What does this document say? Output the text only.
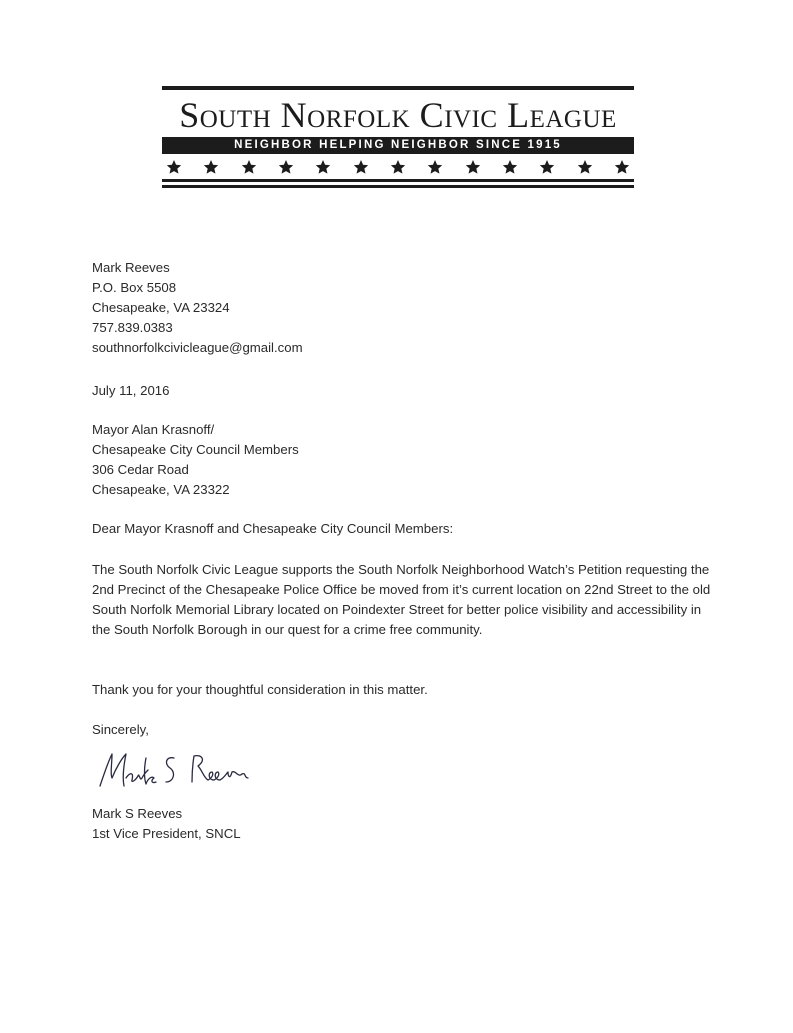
South Norfolk Civic League
NEIGHBOR HELPING NEIGHBOR SINCE 1915
Mark Reeves
P.O. Box 5508
Chesapeake, VA 23324
757.839.0383
southnorfolkcivicleague@gmail.com
July 11, 2016
Mayor Alan Krasnoff/
Chesapeake City Council Members
306 Cedar Road
Chesapeake, VA 23322
Dear Mayor Krasnoff and Chesapeake City Council Members:
The South Norfolk Civic League supports the South Norfolk Neighborhood Watch’s Petition requesting the 2nd Precinct of the Chesapeake Police Office be moved from it’s current location on 22nd Street to the old South Norfolk Memorial Library located on Poindexter Street for better police visibility and accessibility in the South Norfolk Borough in our quest for a crime free community.
Thank you for your thoughtful consideration in this matter.
Sincerely,
Mark S Reeves
1st Vice President, SNCL
